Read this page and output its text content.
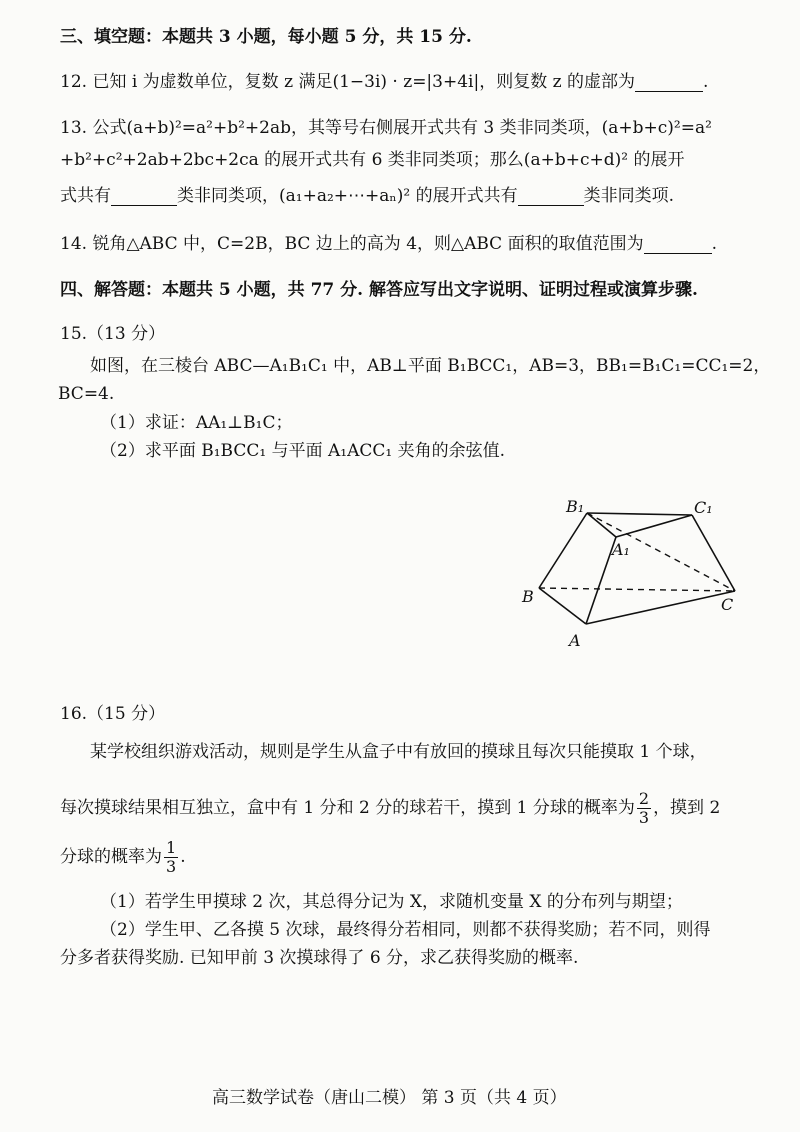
三、填空题：本题共 3 小题，每小题 5 分，共 15 分.
12. 已知 i 为虚数单位，复数 z 满足(1−3i) · z=|3+4i|，则复数 z 的虚部为	.
13. 公式(a+b)²=a²+b²+2ab，其等号右侧展开式共有 3 类非同类项，(a+b+c)²=a²
+b²+c²+2ab+2bc+2ca 的展开式共有 6 类非同类项；那么(a+b+c+d)² 的展开
式共有	类非同类项，(a₁+a₂+⋯+aₙ)² 的展开式共有	类非同类项.
14. 锐角△ABC 中，C=2B，BC 边上的高为 4，则△ABC 面积的取值范围为	.
四、解答题：本题共 5 小题，共 77 分. 解答应写出文字说明、证明过程或演算步骤.
15.（13 分）
如图，在三棱台 ABC—A₁B₁C₁ 中，AB⊥平面 B₁BCC₁，AB=3，BB₁=B₁C₁=CC₁=2，
BC=4.
（1）求证：AA₁⊥B₁C；
（2）求平面 B₁BCC₁ 与平面 A₁ACC₁ 夹角的余弦值.
B₁	C₁
A₁
B	C
A
16.（15 分）
某学校组织游戏活动，规则是学生从盒子中有放回的摸球且每次只能摸取 1 个球，
每次摸球结果相互独立，盒中有 1 分和 2 分的球若干，摸到 1 分球的概率为 $\frac{2}{3}$ ，摸到 2
分球的概率为 $\frac{1}{3}$ .
（1）若学生甲摸球 2 次，其总得分记为 X，求随机变量 X 的分布列与期望；
（2）学生甲、乙各摸 5 次球，最终得分若相同，则都不获得奖励；若不同，则得
分多者获得奖励. 已知甲前 3 次摸球得了 6 分，求乙获得奖励的概率.
高三数学试卷（唐山二模） 第 3 页（共 4 页）
